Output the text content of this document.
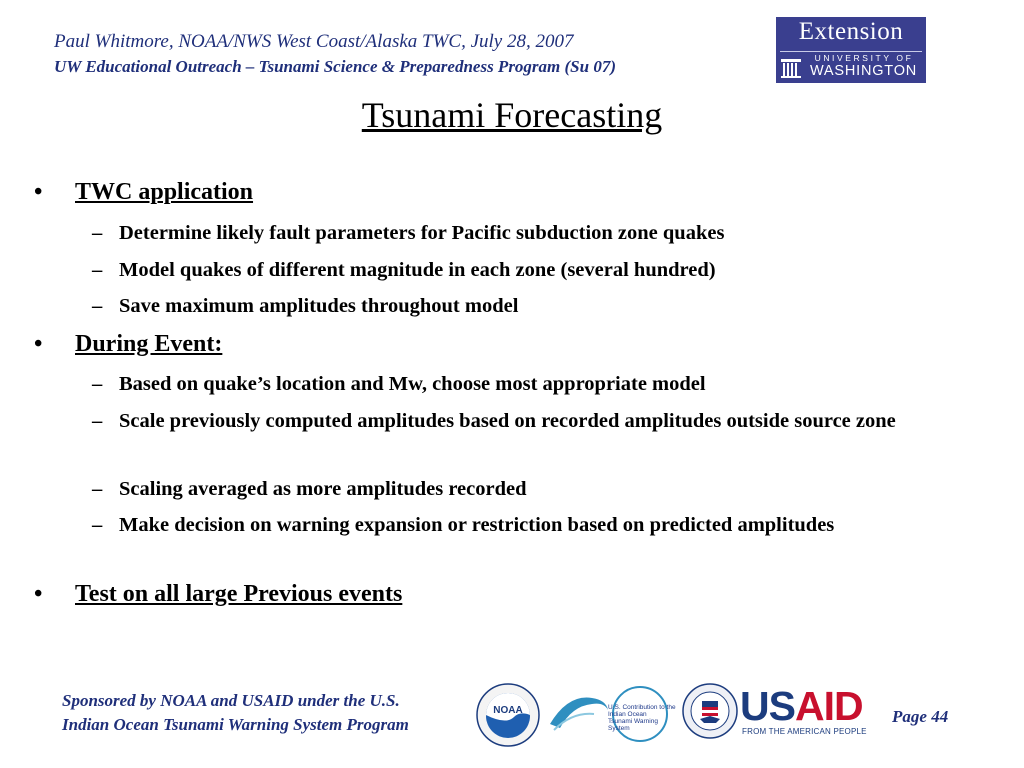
Paul Whitmore, NOAA/NWS West Coast/Alaska TWC, July 28, 2007
UW Educational Outreach – Tsunami Science & Preparedness Program (Su 07)
Extension
UNIVERSITY OF
WASHINGTON
Tsunami Forecasting
• TWC application
– Determine likely fault parameters for Pacific subduction zone quakes
– Model quakes of different magnitude in each zone (several hundred)
– Save maximum amplitudes throughout model
• During Event:
– Based on quake’s location and Mw, choose most appropriate model
– Scale previously computed amplitudes based on recorded amplitudes outside source zone
– Scaling averaged as more amplitudes recorded
– Make decision on warning expansion or restriction based on predicted amplitudes
• Test on all large Previous events
Sponsored by NOAA and USAID under the U.S.
Indian Ocean Tsunami Warning System Program
NOAA	U.S. Contribution to the
Indian Ocean
Tsunami Warning
System	USAID
FROM THE AMERICAN PEOPLE
Page 44
